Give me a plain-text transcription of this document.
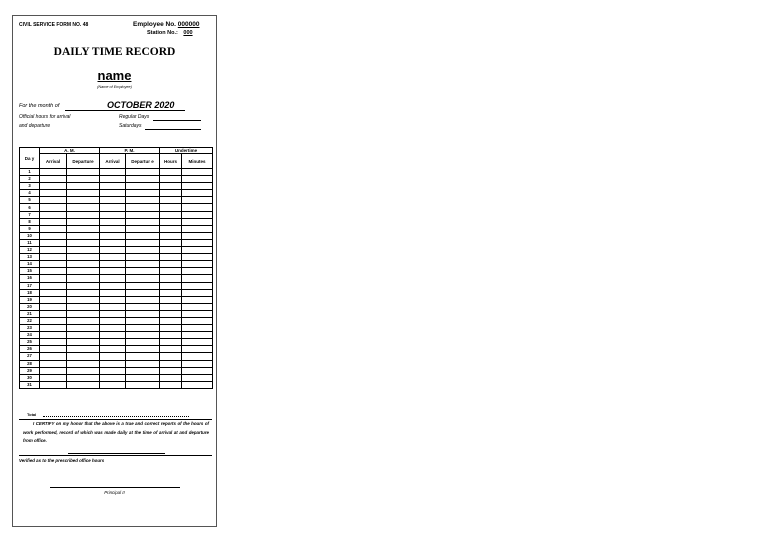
CIVIL SERVICE FORM NO. 48	Employee No. 000000
Station No.: 000
DAILY TIME RECORD
name
(Name of Employee)
For the month of	OCTOBER 2020
Official hours for arrival
and departure
Regular Days
Saturdays
Da y	A. M.		P. M.		Undertime	
	Arrival	Departure	Arrival	Departur e	Hours	Minutes
1						
2						
3						
4						
5						
6						
7						
8						
9						
10						
11						
12						
13						
14						
15						
16						
17						
18						
19						
20						
21						
22						
23						
24						
25						
26						
27						
28						
29						
30						
31						
Total
I CERTIFY on my honor that the above is a true and correct reports of the hours of work performed, record of which was made daily at the time of arrival at and departure from office.
Verified as to the prescribed office hours
Principal II
